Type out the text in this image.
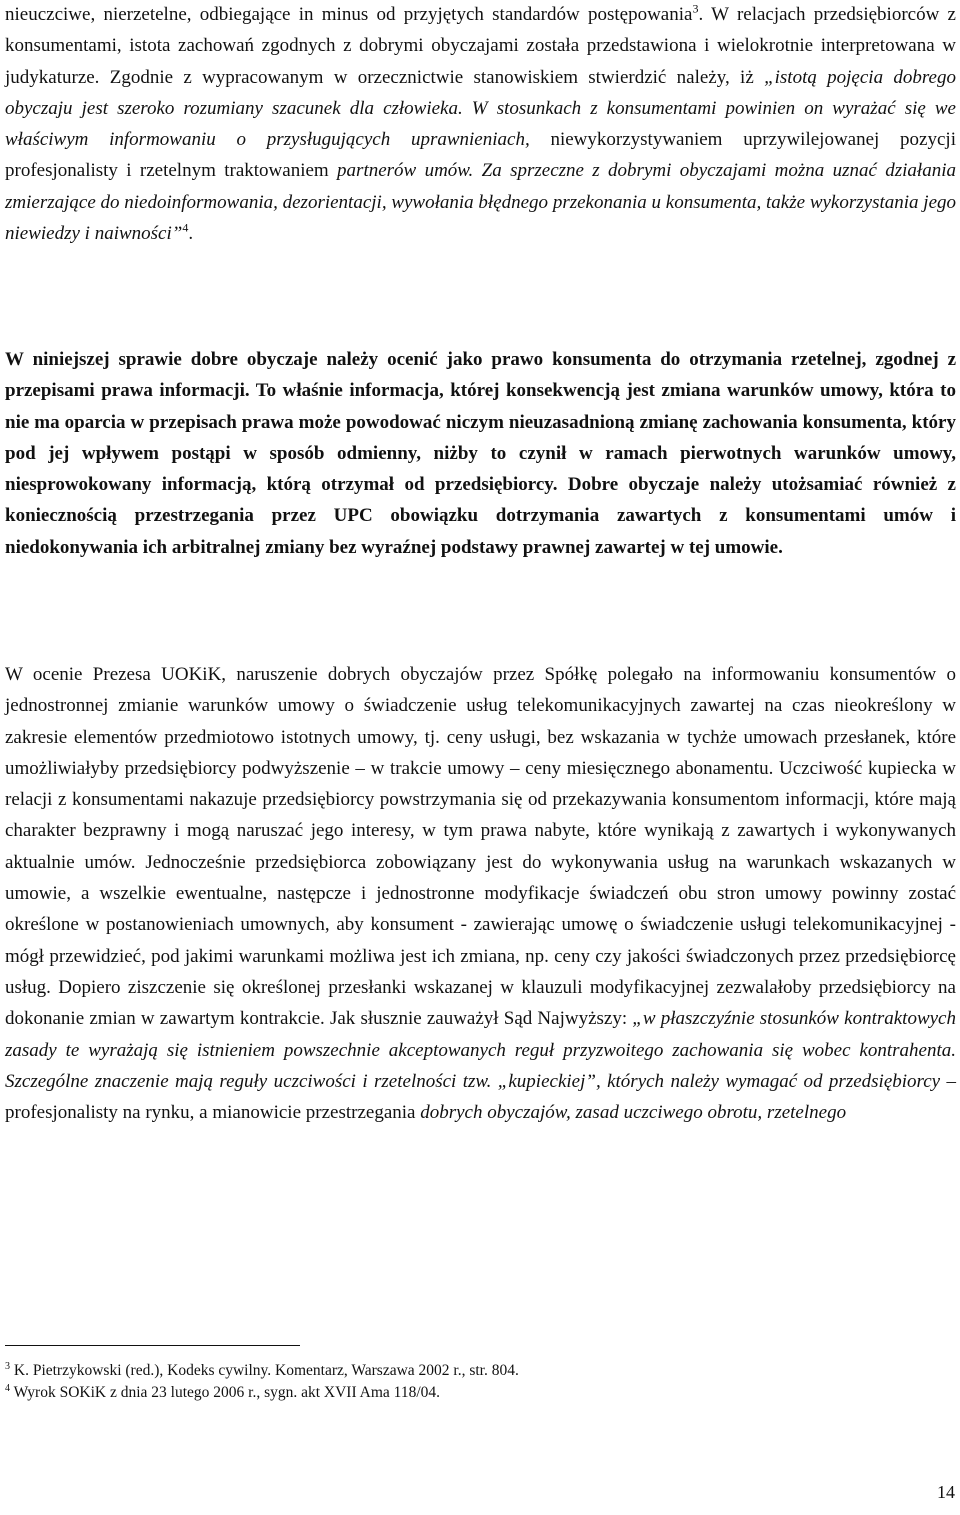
nieuczciwe, nierzetelne, odbiegające in minus od przyjętych standardów postępowania$^3$. W relacjach przedsiębiorców z konsumentami, istota zachowań zgodnych z dobrymi obyczajami została przedstawiona i wielokrotnie interpretowana w judykaturze. Zgodnie z wypracowanym w orzecznictwie stanowiskiem stwierdzić należy, iż „istotą pojęcia dobrego obyczaju jest szeroko rozumiany szacunek dla człowieka. W stosunkach z konsumentami powinien on wyrażać się we właściwym informowaniu o przysługujących uprawnieniach, niewykorzystywaniem uprzywilejowanej pozycji profesjonalisty i rzetelnym traktowaniem partnerów umów. Za sprzeczne z dobrymi obyczajami można uznać działania zmierzające do niedoinformowania, dezorientacji, wywołania błędnego przekonania u konsumenta, także wykorzystania jego niewiedzy i naiwności”$^4$.

W niniejszej sprawie dobre obyczaje należy ocenić jako prawo konsumenta do otrzymania rzetelnej, zgodnej z przepisami prawa informacji. To właśnie informacja, której konsekwencją jest zmiana warunków umowy, która to nie ma oparcia w przepisach prawa może powodować niczym nieuzasadnioną zmianę zachowania konsumenta, który pod jej wpływem postąpi w sposób odmienny, niżby to czynił w ramach pierwotnych warunków umowy, niesprowokowany informacją, którą otrzymał od przedsiębiorcy. Dobre obyczaje należy utożsamiać również z koniecznością przestrzegania przez UPC obowiązku dotrzymania zawartych z konsumentami umów i niedokonywania ich arbitralnej zmiany bez wyraźnej podstawy prawnej zawartej w tej umowie.

W ocenie Prezesa UOKiK, naruszenie dobrych obyczajów przez Spółkę polegało na informowaniu konsumentów o jednostronnej zmianie warunków umowy o świadczenie usług telekomunikacyjnych zawartej na czas nieokreślony w zakresie elementów przedmiotowo istotnych umowy, tj. ceny usługi, bez wskazania w tychże umowach przesłanek, które umożliwiałyby przedsiębiorcy podwyższenie – w trakcie umowy – ceny miesięcznego abonamentu. Uczciwość kupiecka w relacji z konsumentami nakazuje przedsiębiorcy powstrzymania się od przekazywania konsumentom informacji, które mają charakter bezprawny i mogą naruszać jego interesy, w tym prawa nabyte, które wynikają z zawartych i wykonywanych aktualnie umów. Jednocześnie przedsiębiorca zobowiązany jest do wykonywania usług na warunkach wskazanych w umowie, a wszelkie ewentualne, następcze i jednostronne modyfikacje świadczeń obu stron umowy powinny zostać określone w postanowieniach umownych, aby konsument - zawierając umowę o świadczenie usługi telekomunikacyjnej - mógł przewidzieć, pod jakimi warunkami możliwa jest ich zmiana, np. ceny czy jakości świadczonych przez przedsiębiorcę usług. Dopiero ziszczenie się określonej przesłanki wskazanej w klauzuli modyfikacyjnej zezwalałoby przedsiębiorcy na dokonanie zmian w zawartym kontrakcie. Jak słusznie zauważył Sąd Najwyższy: „w płaszczyźnie stosunków kontraktowych zasady te wyrażają się istnieniem powszechnie akceptowanych reguł przyzwoitego zachowania się wobec kontrahenta. Szczególne znaczenie mają reguły uczciwości i rzetelności tzw. „kupieckiej”, których należy wymagać od przedsiębiorcy – profesjonalisty na rynku, a mianowicie przestrzegania dobrych obyczajów, zasad uczciwego obrotu, rzetelnego

$^3$ K. Pietrzykowski (red.), Kodeks cywilny. Komentarz, Warszawa 2002 r., str. 804.

$^4$ Wyrok SOKiK z dnia 23 lutego 2006 r., sygn. akt XVII Ama 118/04.

14
